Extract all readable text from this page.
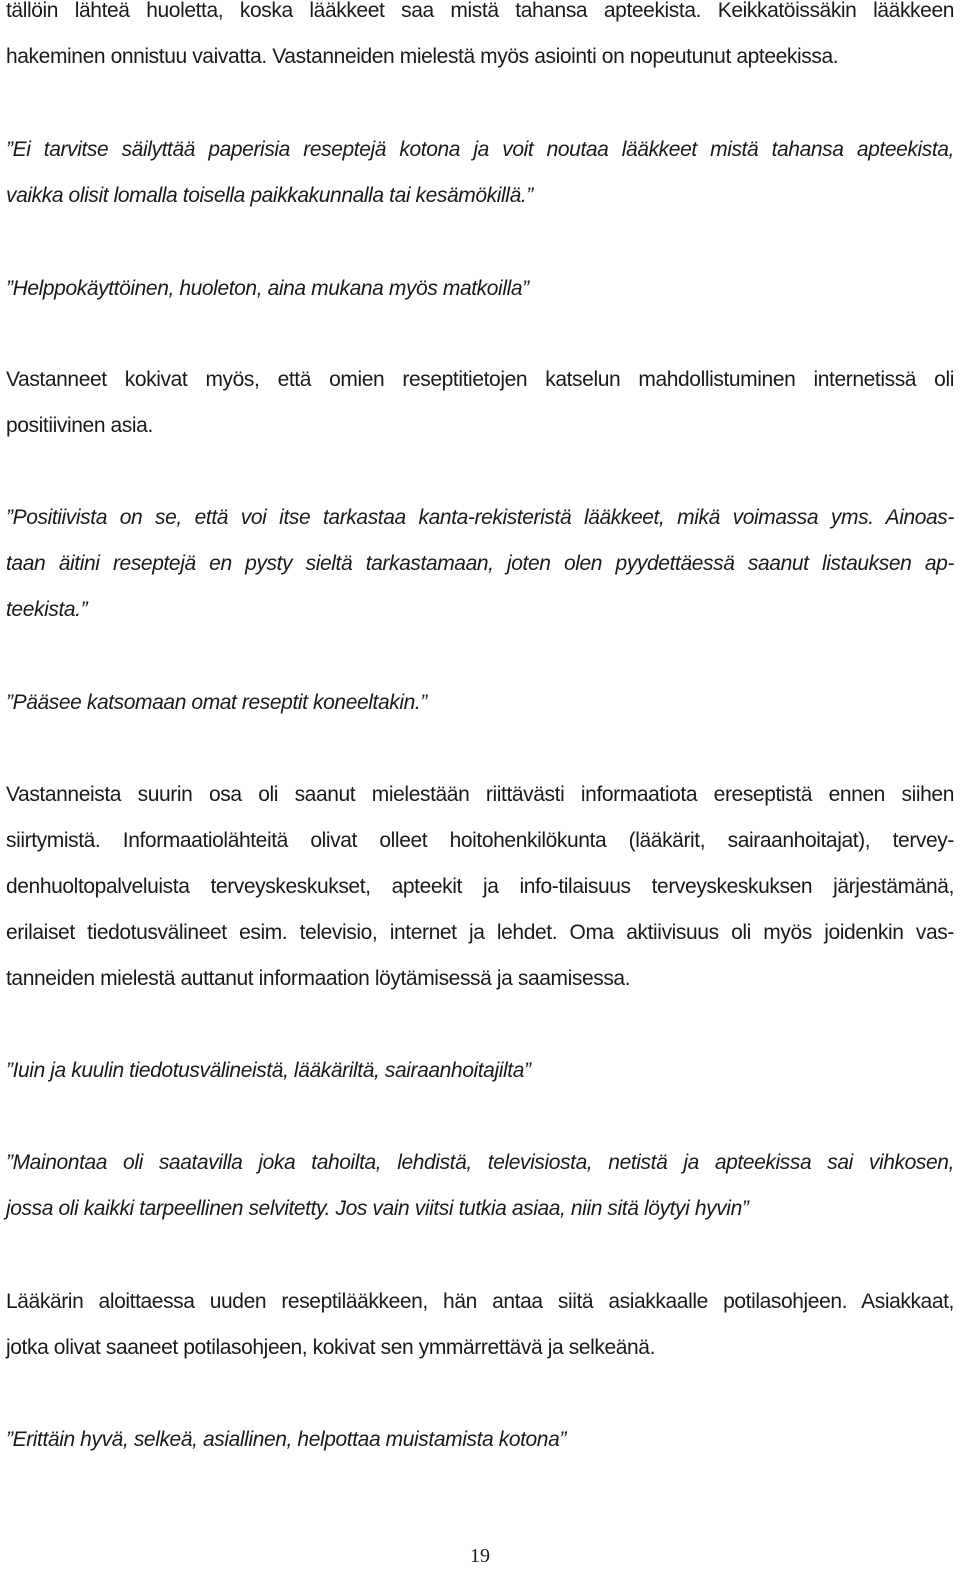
tällöin lähteä huoletta, koska lääkkeet saa mistä tahansa apteekista. Keikkatöissäkin lääkkeen
hakeminen onnistuu vaivatta. Vastanneiden mielestä myös asiointi on nopeutunut apteekissa.

”Ei tarvitse säilyttää paperisia reseptejä kotona ja voit noutaa lääkkeet mistä tahansa apteekista,
vaikka olisit lomalla toisella paikkakunnalla tai kesämökillä.”

”Helppokäyttöinen, huoleton, aina mukana myös matkoilla”

Vastanneet kokivat myös, että omien reseptitietojen katselun mahdollistuminen internetissä oli
positiivinen asia.

”Positiivista on se, että voi itse tarkastaa kanta-rekisteristä lääkkeet, mikä voimassa yms. Ainoas-
taan äitini reseptejä en pysty sieltä tarkastamaan, joten olen pyydettäessä saanut listauksen ap-
teekista.”

”Pääsee katsomaan omat reseptit koneeltakin.”

Vastanneista suurin osa oli saanut mielestään riittävästi informaatiota ereseptistä ennen siihen
siirtymistä. Informaatiolähteitä olivat olleet hoitohenkilökunta (lääkärit, sairaanhoitajat), tervey-
denhuoltopalveluista terveyskeskukset, apteekit ja info-tilaisuus terveyskeskuksen järjestämänä,
erilaiset tiedotusvälineet esim. televisio, internet ja lehdet. Oma aktiivisuus oli myös joidenkin vas-
tanneiden mielestä auttanut informaation löytämisessä ja saamisessa.

”Iuin ja kuulin tiedotusvälineistä, lääkäriltä, sairaanhoitajilta”

”Mainontaa oli saatavilla joka tahoilta, lehdistä, televisiosta, netistä ja apteekissa sai vihkosen,
jossa oli kaikki tarpeellinen selvitetty. Jos vain viitsi tutkia asiaa, niin sitä löytyi hyvin”

Lääkärin aloittaessa uuden reseptilääkkeen, hän antaa siitä asiakkaalle potilasohjeen. Asiakkaat,
jotka olivat saaneet potilasohjeen, kokivat sen ymmärrettävä ja selkeänä.

”Erittäin hyvä, selkeä, asiallinen, helpottaa muistamista kotona”

19
